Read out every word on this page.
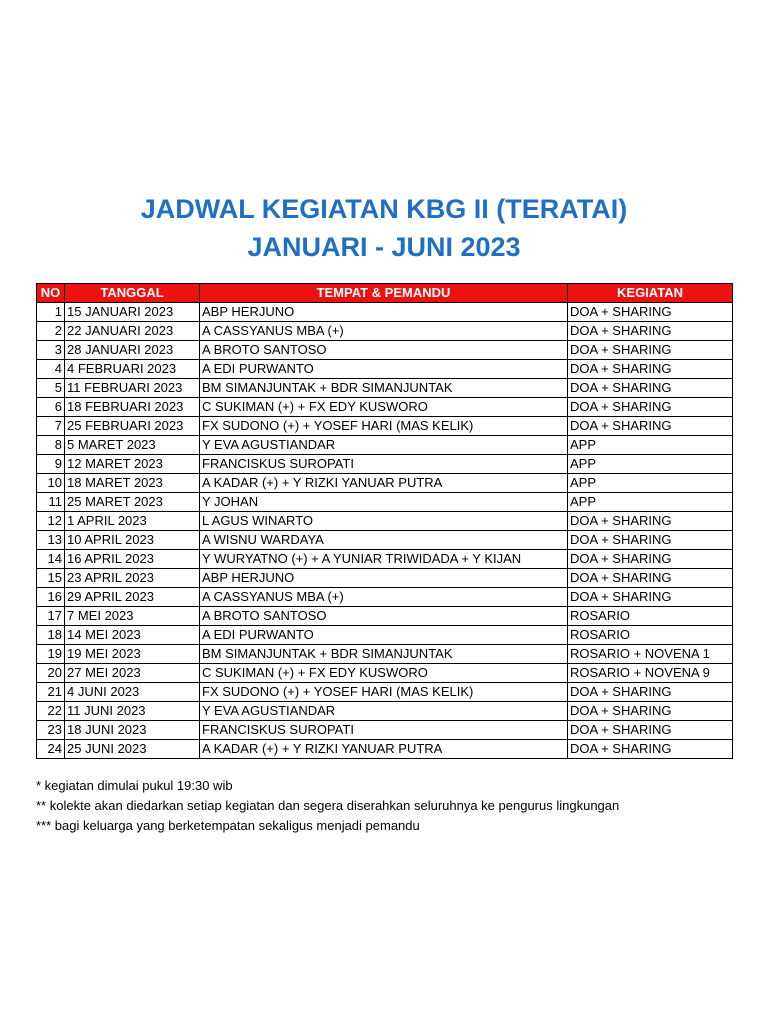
JADWAL KEGIATAN KBG II (TERATAI)
JANUARI - JUNI 2023
NO	TANGGAL	TEMPAT & PEMANDU	KEGIATAN
1	15 JANUARI 2023	ABP HERJUNO	DOA + SHARING
2	22 JANUARI 2023	A CASSYANUS MBA (+)	DOA + SHARING
3	28 JANUARI 2023	A BROTO SANTOSO	DOA + SHARING
4	4 FEBRUARI 2023	A EDI PURWANTO	DOA + SHARING
5	11 FEBRUARI 2023	BM SIMANJUNTAK + BDR SIMANJUNTAK	DOA + SHARING
6	18 FEBRUARI 2023	C SUKIMAN (+) + FX EDY KUSWORO	DOA + SHARING
7	25 FEBRUARI 2023	FX SUDONO (+) + YOSEF HARI (MAS KELIK)	DOA + SHARING
8	5 MARET 2023	Y EVA AGUSTIANDAR	APP
9	12 MARET 2023	FRANCISKUS SUROPATI	APP
10	18 MARET 2023	A KADAR (+) + Y RIZKI YANUAR PUTRA	APP
11	25 MARET 2023	Y JOHAN	APP
12	1 APRIL 2023	L AGUS WINARTO	DOA + SHARING
13	10 APRIL 2023	A WISNU WARDAYA	DOA + SHARING
14	16 APRIL 2023	Y WURYATNO (+) + A YUNIAR TRIWIDADA + Y KIJAN	DOA + SHARING
15	23 APRIL 2023	ABP HERJUNO	DOA + SHARING
16	29 APRIL 2023	A CASSYANUS MBA (+)	DOA + SHARING
17	7 MEI 2023	A BROTO SANTOSO	ROSARIO
18	14 MEI 2023	A EDI PURWANTO	ROSARIO
19	19 MEI 2023	BM SIMANJUNTAK + BDR SIMANJUNTAK	ROSARIO + NOVENA 1
20	27 MEI 2023	C SUKIMAN (+) + FX EDY KUSWORO	ROSARIO + NOVENA 9
21	4 JUNI 2023	FX SUDONO (+) + YOSEF HARI (MAS KELIK)	DOA + SHARING
22	11 JUNI 2023	Y EVA AGUSTIANDAR	DOA + SHARING
23	18 JUNI 2023	FRANCISKUS SUROPATI	DOA + SHARING
24	25 JUNI 2023	A KADAR (+) + Y RIZKI YANUAR PUTRA	DOA + SHARING
* kegiatan dimulai pukul 19:30 wib
** kolekte akan diedarkan setiap kegiatan dan segera diserahkan seluruhnya ke pengurus lingkungan
*** bagi keluarga yang berketempatan sekaligus menjadi pemandu
